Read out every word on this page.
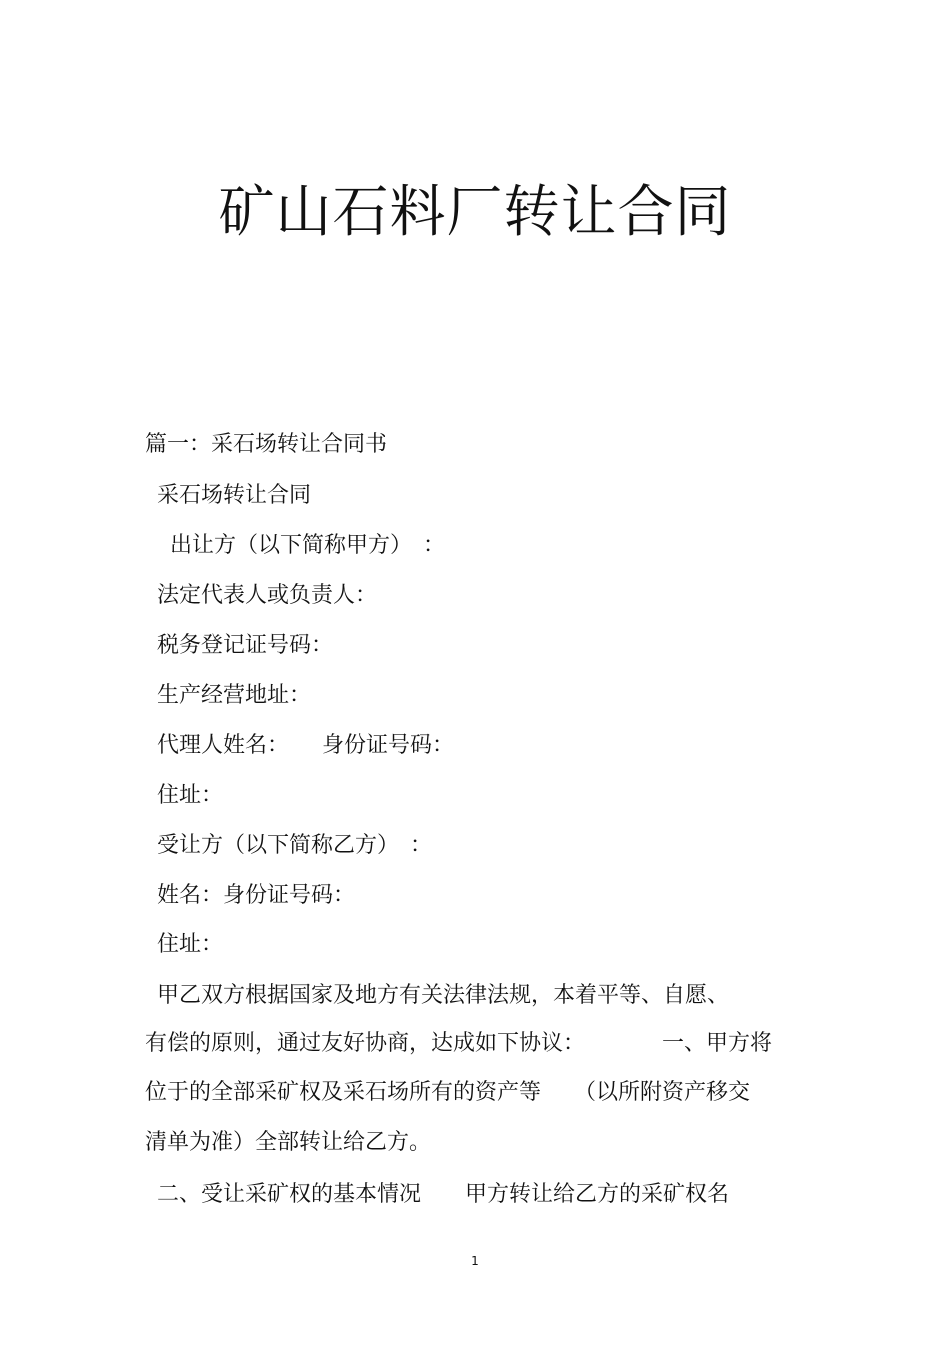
矿山石料厂转让合同
篇一：采石场转让合同书
采石场转让合同
出让方（以下简称甲方）　：
法定代表人或负责人：
税务登记证号码：
生产经营地址：
代理人姓名：　　身份证号码：
住址：
受让方（以下简称乙方）　：
姓名：身份证号码：
住址：
甲乙双方根据国家及地方有关法律法规，本着平等、自愿、
有偿的原则，通过友好协商，达成如下协议：　　　　一、甲方将
位于的全部采矿权及采石场所有的资产等　　（以所附资产移交
清单为准）全部转让给乙方。
二、受让采矿权的基本情况　　甲方转让给乙方的采矿权名
1
